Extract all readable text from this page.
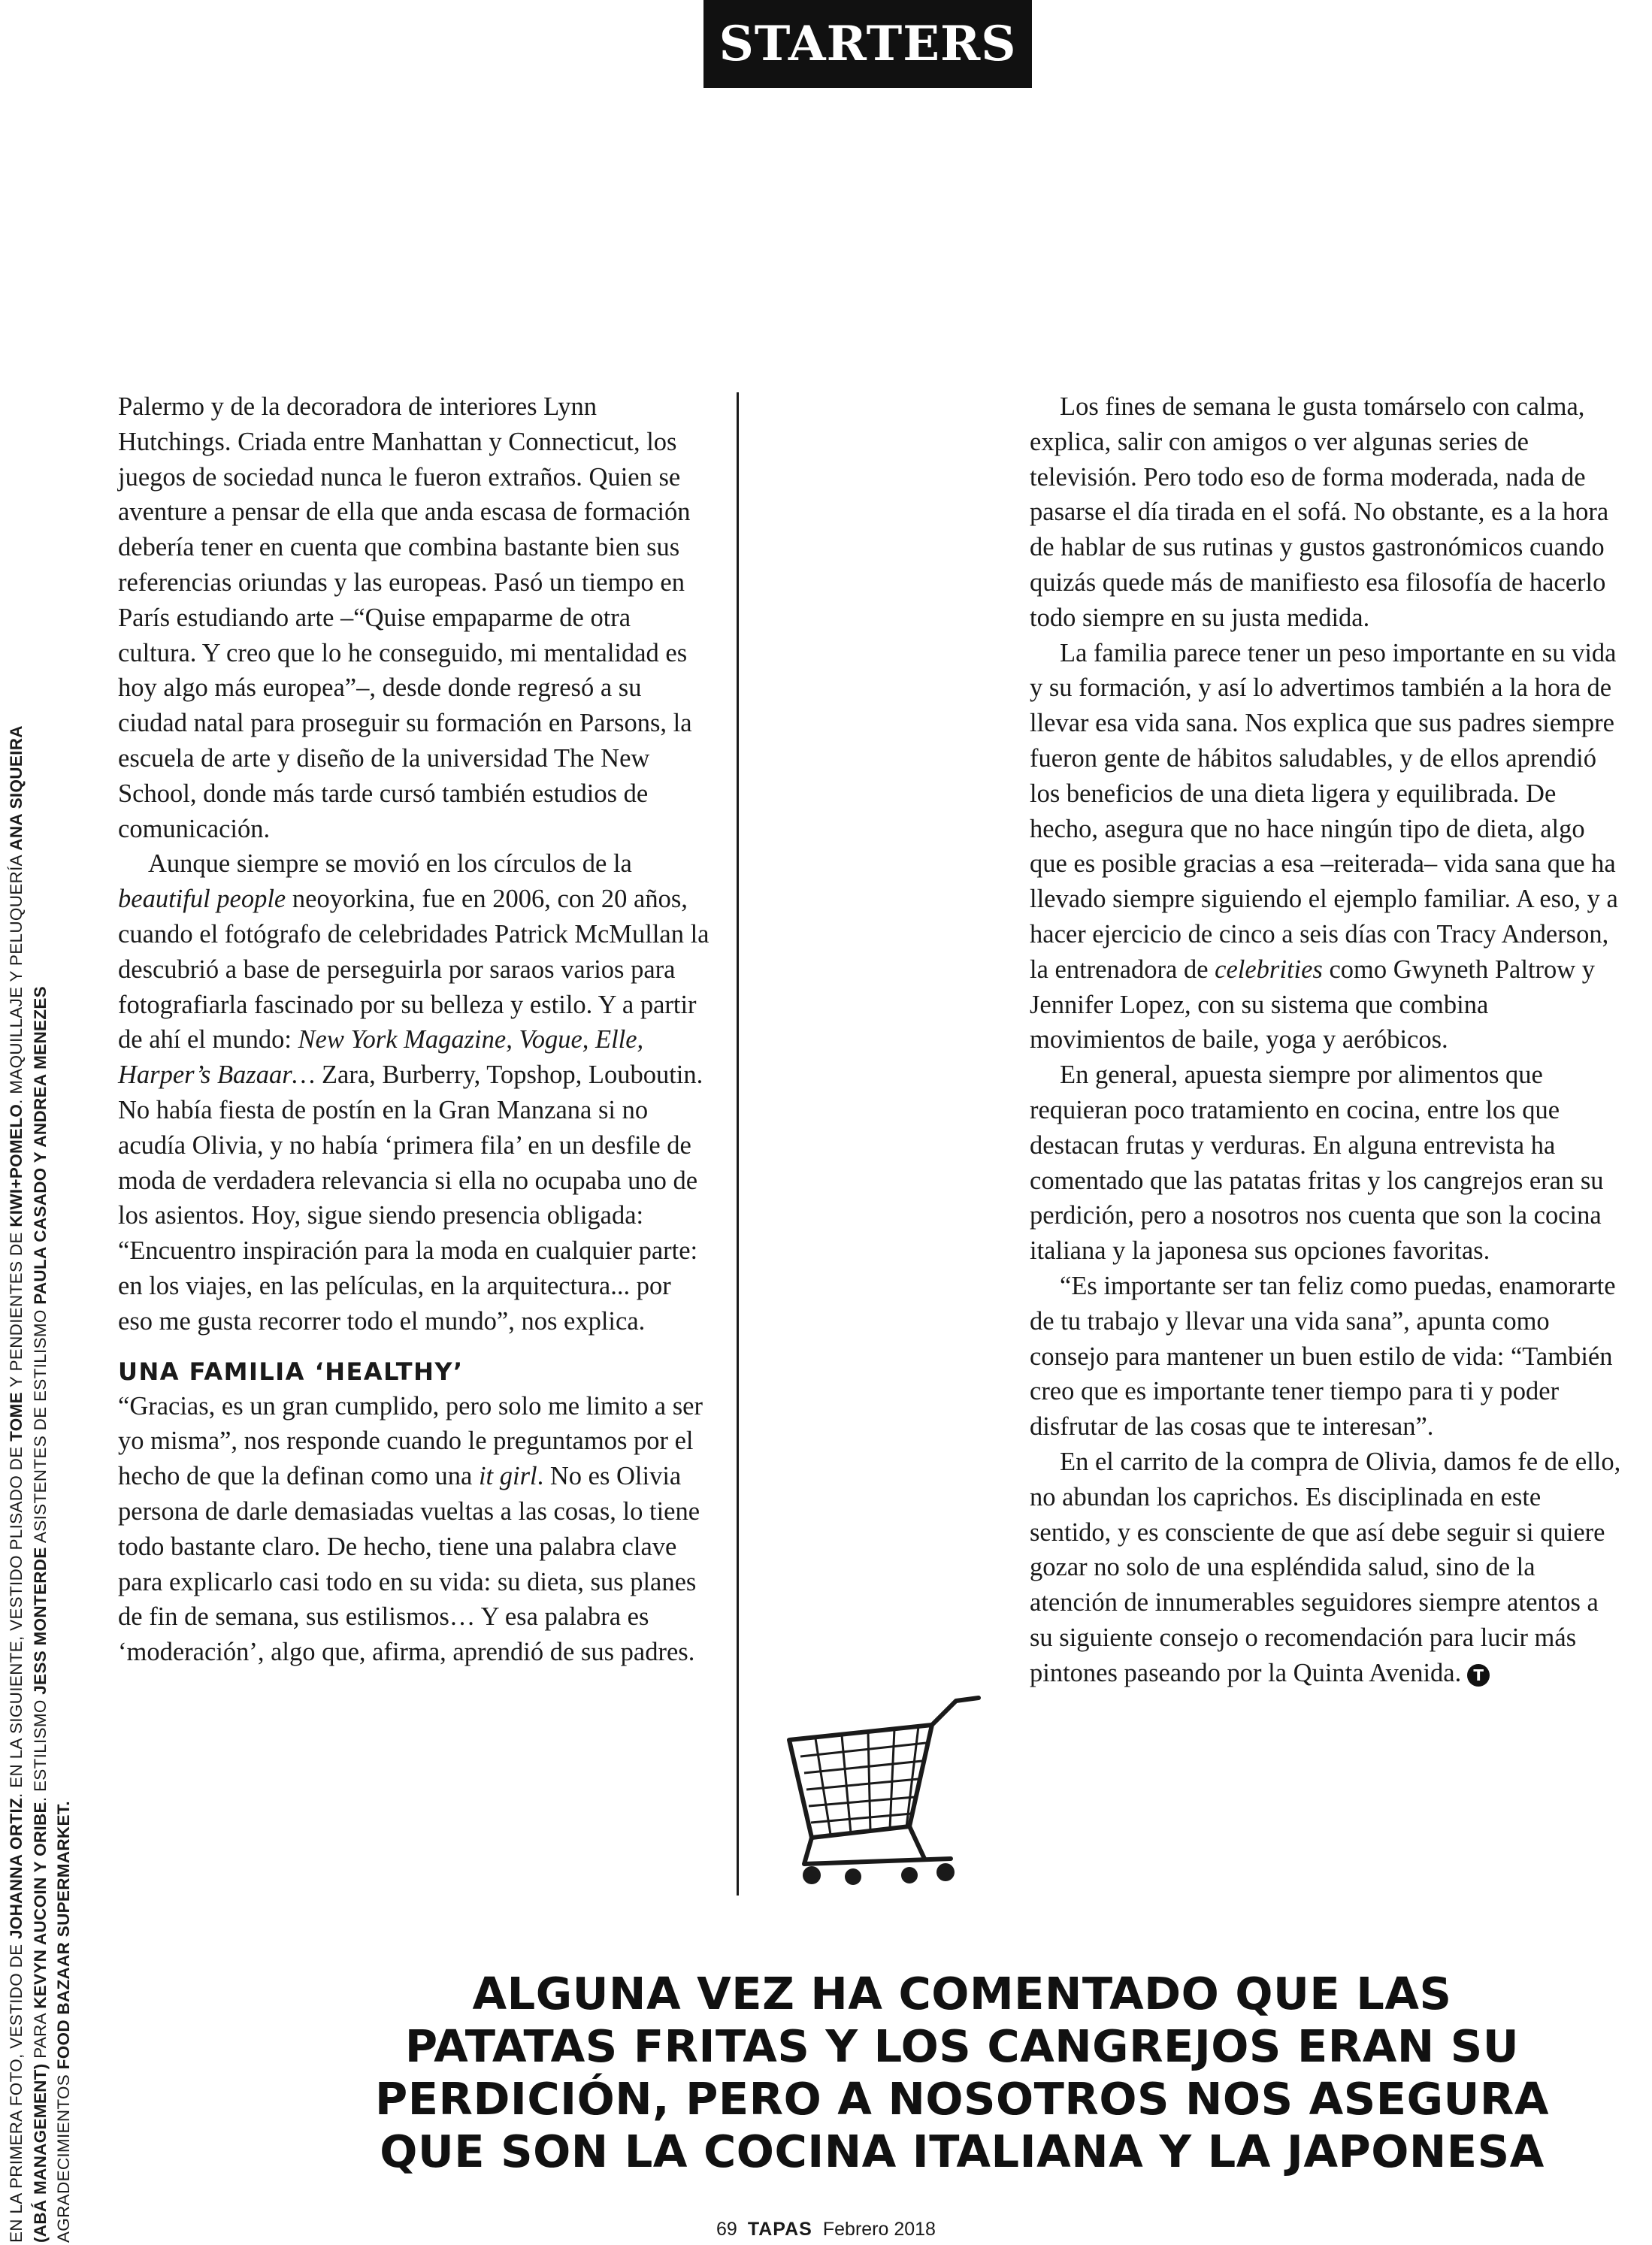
STARTERS

EN LA PRIMERA FOTO, VESTIDO DE JOHANNA ORTIZ. EN LA SIGUIENTE, VESTIDO PLISADO DE TOME Y PENDIENTES DE KIWI+POMELO. MAQUILLAJE Y PELUQUERÍA ANA SIQUEIRA

(ABÁ MANAGEMENT) PARA KEVYN AUCOIN Y ORIBE. ESTILISMO JESS MONTERDE ASISTENTES DE ESTILISMO PAULA CASADO Y ANDREA MENEZES

AGRADECIMIENTOS FOOD BAZAAR SUPERMARKET.

Palermo y de la decoradora de interiores Lynn Hutchings. Criada entre Manhattan y Connecticut, los juegos de sociedad nunca le fueron extraños. Quien se aventure a pensar de ella que anda escasa de formación debería tener en cuenta que combina bastante bien sus referencias oriundas y las europeas. Pasó un tiempo en París estudiando arte –“Quise empaparme de otra cultura. Y creo que lo he conseguido, mi mentalidad es hoy algo más europea”–, desde donde regresó a su ciudad natal para proseguir su formación en Parsons, la escuela de arte y diseño de la universidad The New School, donde más tarde cursó también estudios de comunicación.

Aunque siempre se movió en los círculos de la beautiful people neoyorkina, fue en 2006, con 20 años, cuando el fotógrafo de celebridades Patrick McMullan la descubrió a base de perseguirla por saraos varios para fotografiarla fascinado por su belleza y estilo. Y a partir de ahí el mundo: New York Magazine, Vogue, Elle, Harper’s Bazaar… Zara, Burberry, Topshop, Louboutin. No había fiesta de postín en la Gran Manzana si no acudía Olivia, y no había ‘primera fila’ en un desfile de moda de verdadera relevancia si ella no ocupaba uno de los asientos. Hoy, sigue siendo presencia obligada: “Encuentro inspiración para la moda en cualquier parte: en los viajes, en las películas, en la arquitectura... por eso me gusta recorrer todo el mundo”, nos explica.

UNA FAMILIA ‘HEALTHY’

“Gracias, es un gran cumplido, pero solo me limito a ser yo misma”, nos responde cuando le preguntamos por el hecho de que la definan como una it girl. No es Olivia persona de darle demasiadas vueltas a las cosas, lo tiene todo bastante claro. De hecho, tiene una palabra clave para explicarlo casi todo en su vida: su dieta, sus planes de fin de semana, sus estilismos… Y esa palabra es ‘moderación’, algo que, afirma, aprendió de sus padres.

Los fines de semana le gusta tomárselo con calma, explica, salir con amigos o ver algunas series de televisión. Pero todo eso de forma moderada, nada de pasarse el día tirada en el sofá. No obstante, es a la hora de hablar de sus rutinas y gustos gastronómicos cuando quizás quede más de manifiesto esa filosofía de hacerlo todo siempre en su justa medida.

La familia parece tener un peso importante en su vida y su formación, y así lo advertimos también a la hora de llevar esa vida sana. Nos explica que sus padres siempre fueron gente de hábitos saludables, y de ellos aprendió los beneficios de una dieta ligera y equilibrada. De hecho, asegura que no hace ningún tipo de dieta, algo que es posible gracias a esa –reiterada– vida sana que ha llevado siempre siguiendo el ejemplo familiar. A eso, y a hacer ejercicio de cinco a seis días con Tracy Anderson, la entrenadora de celebrities como Gwyneth Paltrow y Jennifer Lopez, con su sistema que combina movimientos de baile, yoga y aeróbicos.

En general, apuesta siempre por alimentos que requieran poco tratamiento en cocina, entre los que destacan frutas y verduras. En alguna entrevista ha comentado que las patatas fritas y los cangrejos eran su perdición, pero a nosotros nos cuenta que son la cocina italiana y la japonesa sus opciones favoritas.

“Es importante ser tan feliz como puedas, enamorarte de tu trabajo y llevar una vida sana”, apunta como consejo para mantener un buen estilo de vida: “También creo que es importante tener tiempo para ti y poder disfrutar de las cosas que te interesan”.

En el carrito de la compra de Olivia, damos fe de ello, no abundan los caprichos. Es disciplinada en este sentido, y es consciente de que así debe seguir si quiere gozar no solo de una espléndida salud, sino de la atención de innumerables seguidores siempre atentos a su siguiente consejo o recomendación para lucir más pintones paseando por la Quinta Avenida. T

ALGUNA VEZ HA COMENTADO QUE LAS
PATATAS FRITAS Y LOS CANGREJOS ERAN SU
PERDICIÓN, PERO A NOSOTROS NOS ASEGURA
QUE SON LA COCINA ITALIANA Y LA JAPONESA
69 TAPAS Febrero 2018
